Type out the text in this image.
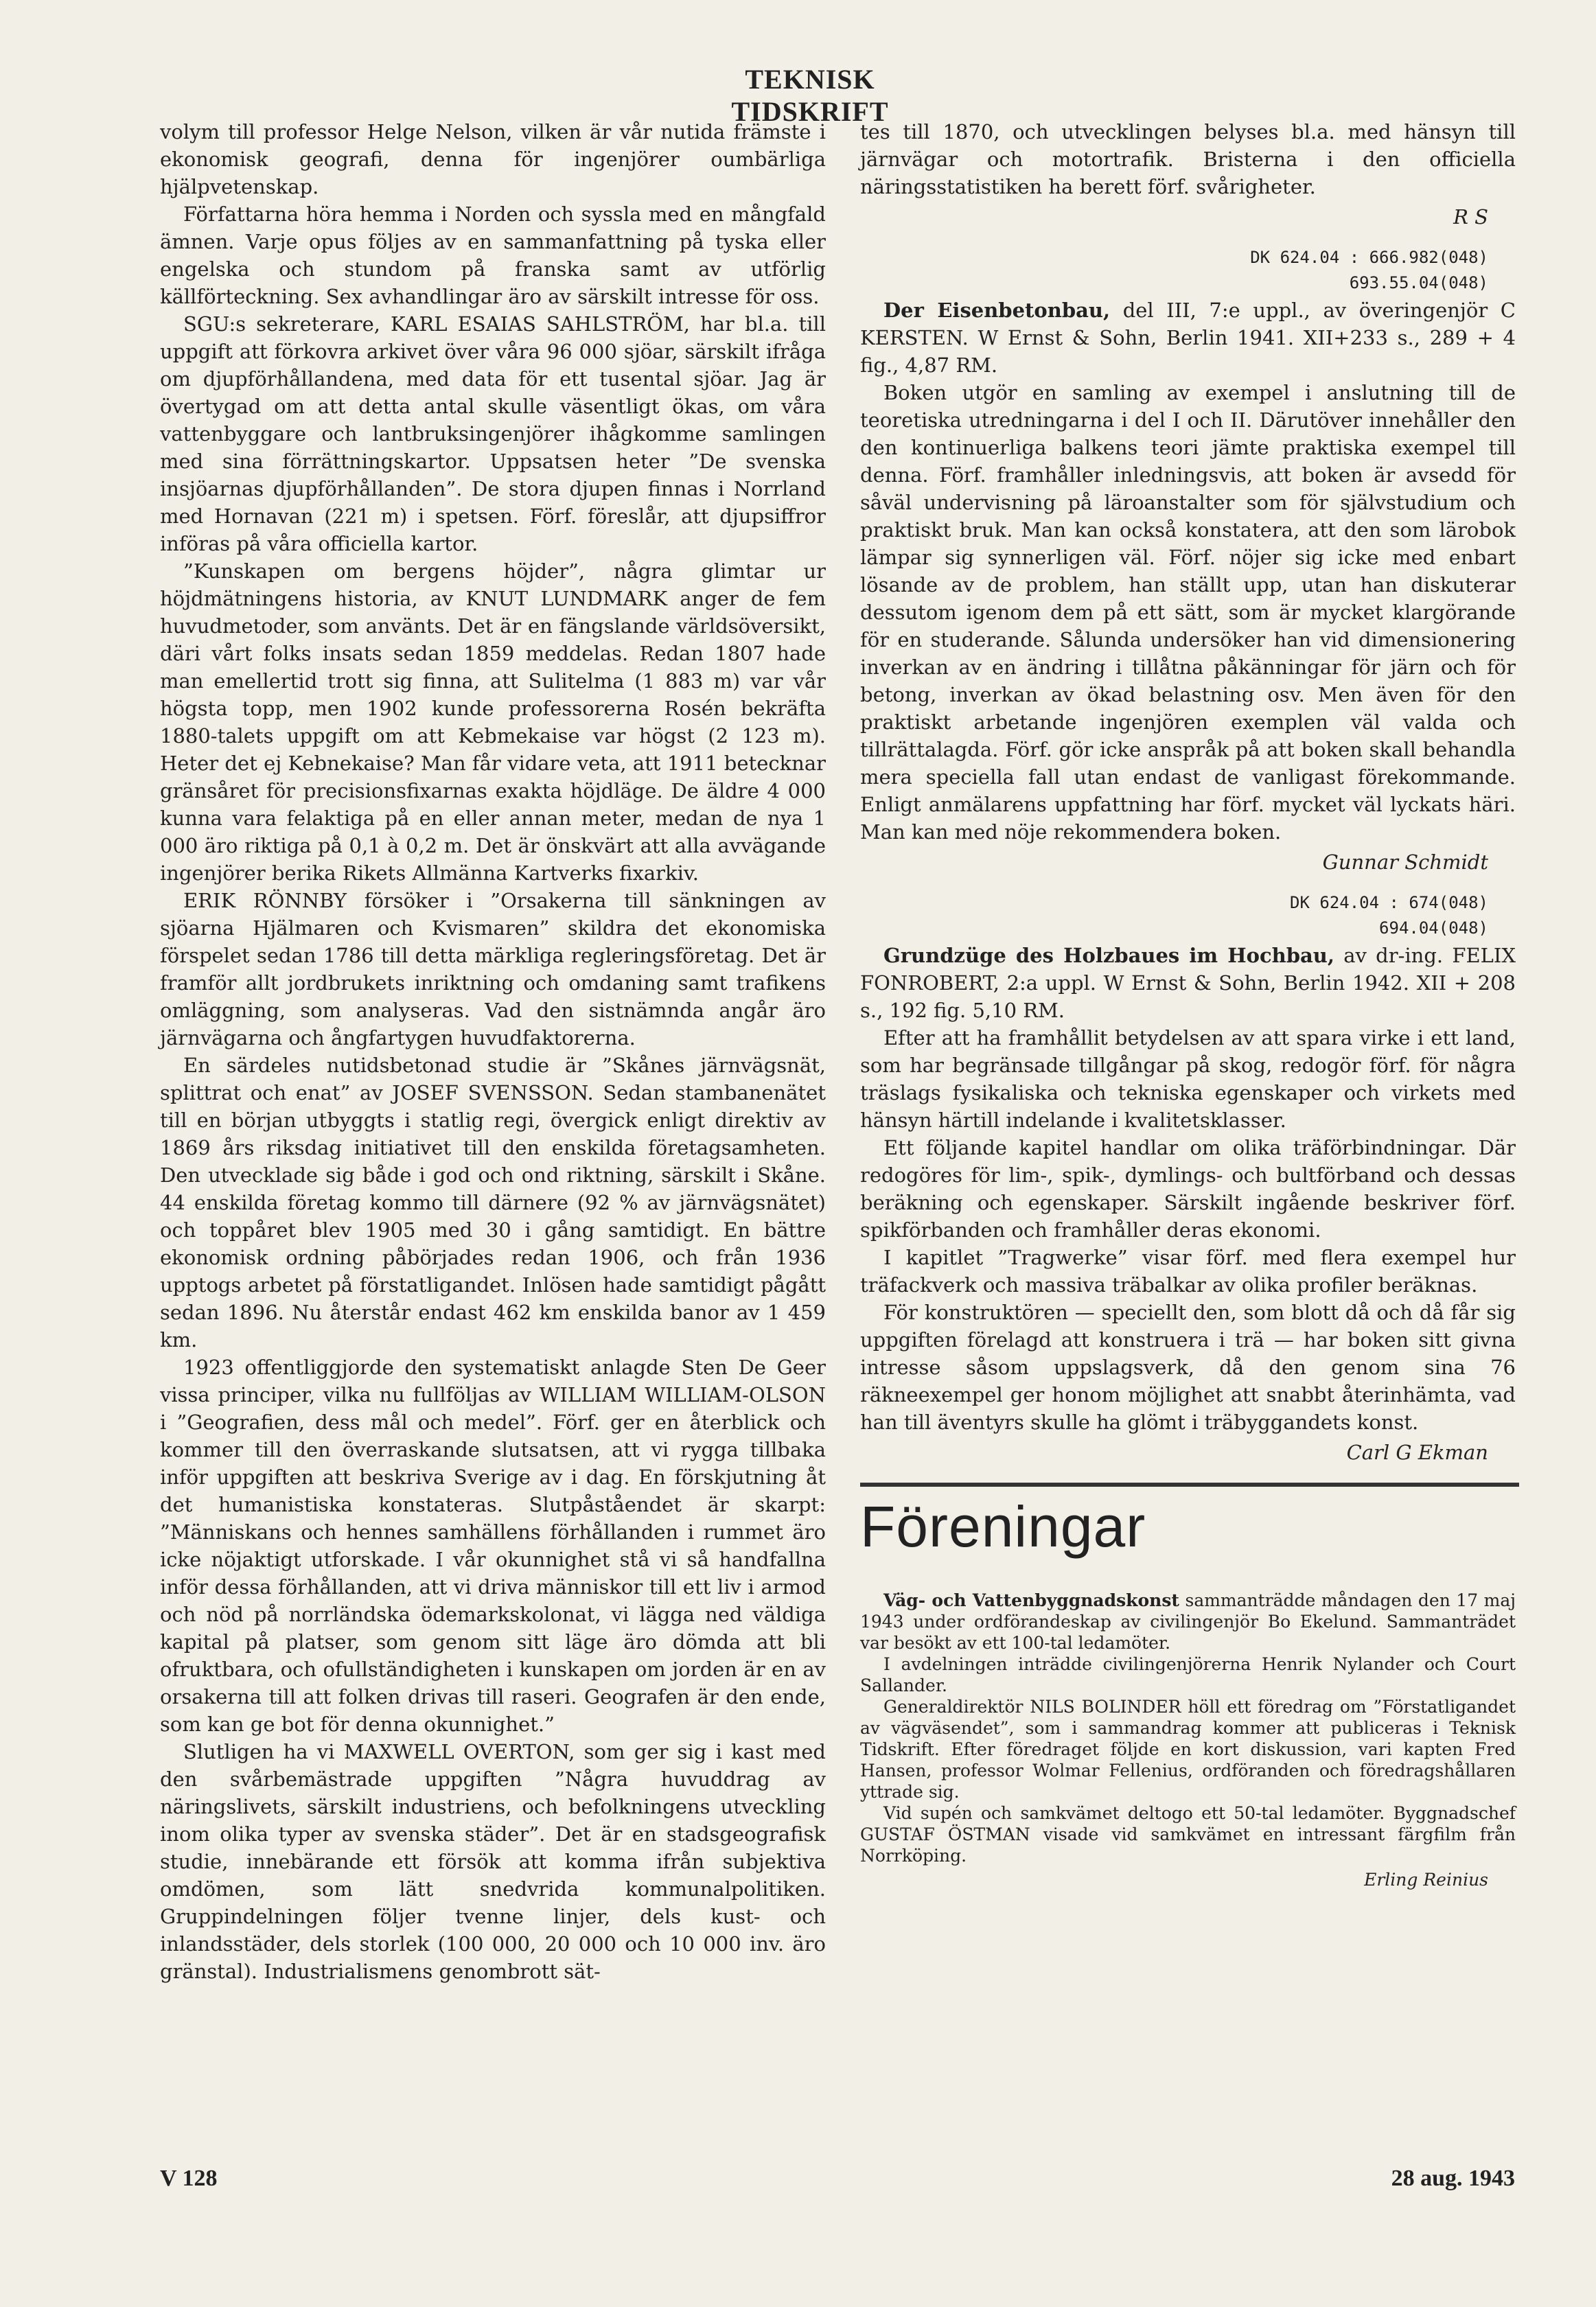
TEKNISK TIDSKRIFT

volym till professor Helge Nelson, vilken är vår nutida främste i ekonomisk geografi, denna för ingenjörer oumbärliga hjälpvetenskap.

Författarna höra hemma i Norden och syssla med en mångfald ämnen. Varje opus följes av en sammanfattning på tyska eller engelska och stundom på franska samt av utförlig källförteckning. Sex avhandlingar äro av särskilt intresse för oss.

SGU:s sekreterare, KARL ESAIAS SAHLSTRÖM, har bl.a. till uppgift att förkovra arkivet över våra 96 000 sjöar, särskilt ifråga om djupförhållandena, med data för ett tusental sjöar. Jag är övertygad om att detta antal skulle väsentligt ökas, om våra vattenbyggare och lantbruksingenjörer ihågkomme samlingen med sina förrättningskartor. Uppsatsen heter ”De svenska insjöarnas djupförhållanden”. De stora djupen finnas i Norrland med Hornavan (221 m) i spetsen. Förf. föreslår, att djupsiffror införas på våra officiella kartor.

”Kunskapen om bergens höjder”, några glimtar ur höjdmätningens historia, av KNUT LUNDMARK anger de fem huvudmetoder, som använts. Det är en fängslande världsöversikt, däri vårt folks insats sedan 1859 meddelas. Redan 1807 hade man emellertid trott sig finna, att Sulitelma (1 883 m) var vår högsta topp, men 1902 kunde professorerna Rosén bekräfta 1880-talets uppgift om att Kebmekaise var högst (2 123 m). Heter det ej Kebnekaise? Man får vidare veta, att 1911 betecknar gränsåret för precisionsfixarnas exakta höjdläge. De äldre 4 000 kunna vara felaktiga på en eller annan meter, medan de nya 1 000 äro riktiga på 0,1 à 0,2 m. Det är önskvärt att alla avvägande ingenjörer berika Rikets Allmänna Kartverks fixarkiv.

ERIK RÖNNBY försöker i ”Orsakerna till sänkningen av sjöarna Hjälmaren och Kvismaren” skildra det ekonomiska förspelet sedan 1786 till detta märkliga regleringsföretag. Det är framför allt jordbrukets inriktning och omdaning samt trafikens omläggning, som analyseras. Vad den sistnämnda angår äro järnvägarna och ångfartygen huvudfaktorerna.

En särdeles nutidsbetonad studie är ”Skånes järnvägsnät, splittrat och enat” av JOSEF SVENSSON. Sedan stambanenätet till en början utbyggts i statlig regi, övergick enligt direktiv av 1869 års riksdag initiativet till den enskilda företagsamheten. Den utvecklade sig både i god och ond riktning, särskilt i Skåne. 44 enskilda företag kommo till därnere (92 % av järnvägsnätet) och toppåret blev 1905 med 30 i gång samtidigt. En bättre ekonomisk ordning påbörjades redan 1906, och från 1936 upptogs arbetet på förstatligandet. Inlösen hade samtidigt pågått sedan 1896. Nu återstår endast 462 km enskilda banor av 1 459 km.

1923 offentliggjorde den systematiskt anlagde Sten De Geer vissa principer, vilka nu fullföljas av WILLIAM WILLIAM-OLSON i ”Geografien, dess mål och medel”. Förf. ger en återblick och kommer till den överraskande slutsatsen, att vi rygga tillbaka inför uppgiften att beskriva Sverige av i dag. En förskjutning åt det humanistiska konstateras. Slutpåståendet är skarpt: ”Människans och hennes samhällens förhållanden i rummet äro icke nöjaktigt utforskade. I vår okunnighet stå vi så handfallna inför dessa förhållanden, att vi driva människor till ett liv i armod och nöd på norrländska ödemarkskolonat, vi lägga ned väldiga kapital på platser, som genom sitt läge äro dömda att bli ofruktbara, och ofullständigheten i kunskapen om jorden är en av orsakerna till att folken drivas till raseri. Geografen är den ende, som kan ge bot för denna okunnighet.”

Slutligen ha vi MAXWELL OVERTON, som ger sig i kast med den svårbemästrade uppgiften ”Några huvuddrag av näringslivets, särskilt industriens, och befolkningens utveckling inom olika typer av svenska städer”. Det är en stadsgeografisk studie, innebärande ett försök att komma ifrån subjektiva omdömen, som lätt snedvrida kommunalpolitiken. Gruppindelningen följer tvenne linjer, dels kust- och inlandsstäder, dels storlek (100 000, 20 000 och 10 000 inv. äro gränstal). Industrialismens genombrott sät-

tes till 1870, och utvecklingen belyses bl.a. med hänsyn till järnvägar och motortrafik. Bristerna i den officiella näringsstatistiken ha berett förf. svårigheter.

R S
DK 624.04 : 666.982(048)
693.55.04(048)

Der Eisenbetonbau, del III, 7:e uppl., av överingenjör C KERSTEN. W Ernst & Sohn, Berlin 1941. XII+233 s., 289 + 4 fig., 4,87 RM.

Boken utgör en samling av exempel i anslutning till de teoretiska utredningarna i del I och II. Därutöver innehåller den den kontinuerliga balkens teori jämte praktiska exempel till denna. Förf. framhåller inledningsvis, att boken är avsedd för såväl undervisning på läroanstalter som för självstudium och praktiskt bruk. Man kan också konstatera, att den som lärobok lämpar sig synnerligen väl. Förf. nöjer sig icke med enbart lösande av de problem, han ställt upp, utan han diskuterar dessutom igenom dem på ett sätt, som är mycket klargörande för en studerande. Sålunda undersöker han vid dimensionering inverkan av en ändring i tillåtna påkänningar för järn och för betong, inverkan av ökad belastning osv. Men även för den praktiskt arbetande ingenjören exemplen väl valda och tillrättalagda. Förf. gör icke anspråk på att boken skall behandla mera speciella fall utan endast de vanligast förekommande. Enligt anmälarens uppfattning har förf. mycket väl lyckats häri. Man kan med nöje rekommendera boken.

Gunnar Schmidt
DK 624.04 : 674(048)
694.04(048)

Grundzüge des Holzbaues im Hochbau, av dr-ing. FELIX FONROBERT, 2:a uppl. W Ernst & Sohn, Berlin 1942. XII + 208 s., 192 fig. 5,10 RM.

Efter att ha framhållit betydelsen av att spara virke i ett land, som har begränsade tillgångar på skog, redogör förf. för några träslags fysikaliska och tekniska egenskaper och virkets med hänsyn härtill indelande i kvalitetsklasser.

Ett följande kapitel handlar om olika träförbindningar. Där redogöres för lim-, spik-, dymlings- och bultförband och dessas beräkning och egenskaper. Särskilt ingående beskriver förf. spikförbanden och framhåller deras ekonomi.

I kapitlet ”Tragwerke” visar förf. med flera exempel hur träfackverk och massiva träbalkar av olika profiler beräknas.

För konstruktören — speciellt den, som blott då och då får sig uppgiften förelagd att konstruera i trä — har boken sitt givna intresse såsom uppslagsverk, då den genom sina 76 räkneexempel ger honom möjlighet att snabbt återinhämta, vad han till äventyrs skulle ha glömt i träbyggandets konst.

Carl G Ekman
Föreningar

Väg- och Vattenbyggnadskonst sammanträdde måndagen den 17 maj 1943 under ordförandeskap av civilingenjör Bo Ekelund. Sammanträdet var besökt av ett 100-tal ledamöter.

I avdelningen inträdde civilingenjörerna Henrik Nylander och Court Sallander.

Generaldirektör NILS BOLINDER höll ett föredrag om ”Förstatligandet av vägväsendet”, som i sammandrag kommer att publiceras i Teknisk Tidskrift. Efter föredraget följde en kort diskussion, vari kapten Fred Hansen, professor Wolmar Fellenius, ordföranden och föredragshållaren yttrade sig.

Vid supén och samkvämet deltogo ett 50-tal ledamöter. Byggnadschef GUSTAF ÖSTMAN visade vid samkvämet en intressant färgfilm från Norrköping.

Erling Reinius
V 128	28 aug. 1943
